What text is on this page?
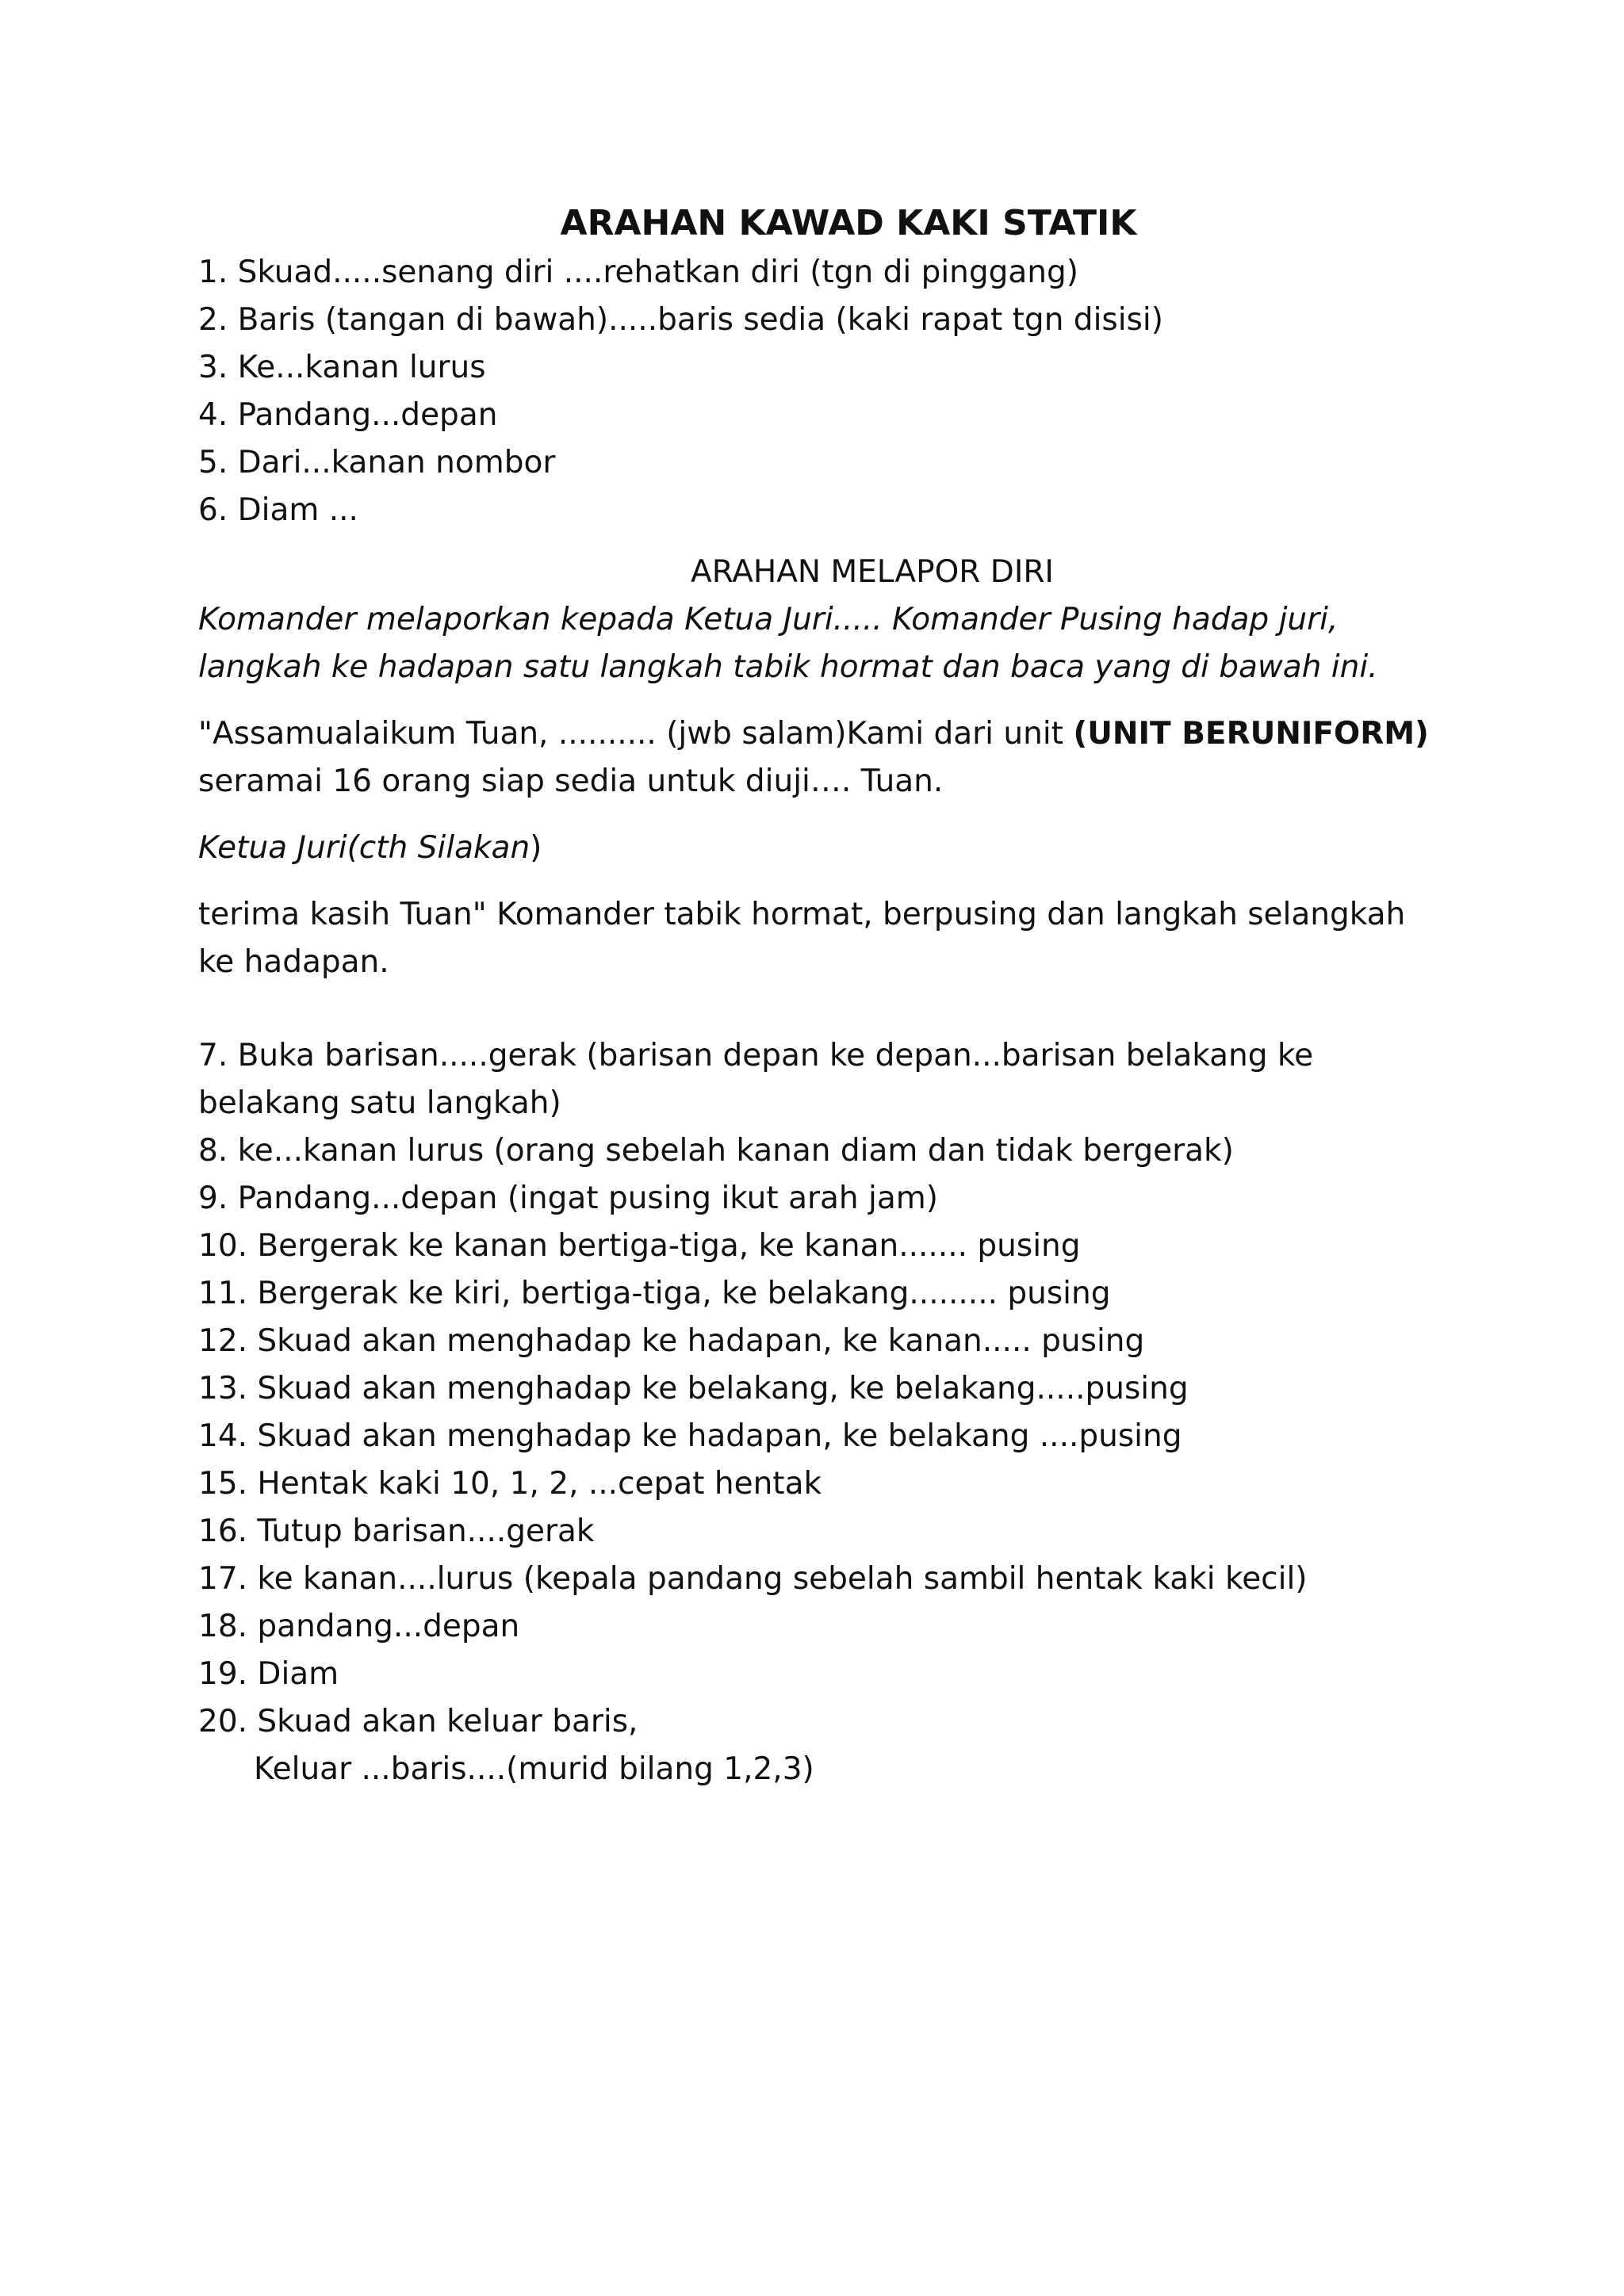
ARAHAN KAWAD KAKI STATIK
1. Skuad.....senang diri ....rehatkan diri (tgn di pinggang)
2. Baris (tangan di bawah).....baris sedia (kaki rapat tgn disisi)
3. Ke...kanan lurus
4. Pandang...depan
5. Dari...kanan nombor
6. Diam ...
ARAHAN MELAPOR DIRI
Komander melaporkan kepada Ketua Juri..... Komander Pusing hadap juri, langkah ke hadapan satu langkah tabik hormat dan baca yang di bawah ini.
"Assamualaikum Tuan, .......... (jwb salam)Kami dari unit (UNIT BERUNIFORM) seramai 16 orang siap sedia untuk diuji…. Tuan.
Ketua Juri(cth Silakan)
terima kasih Tuan" Komander tabik hormat, berpusing dan langkah selangkah ke hadapan.
7. Buka barisan.....gerak (barisan depan ke depan...barisan belakang ke belakang satu langkah)
8. ke...kanan lurus (orang sebelah kanan diam dan tidak bergerak)
9. Pandang...depan (ingat pusing ikut arah jam)
10. Bergerak ke kanan bertiga-tiga, ke kanan....... pusing
11. Bergerak ke kiri, bertiga-tiga, ke belakang......... pusing
12. Skuad akan menghadap ke hadapan, ke kanan..... pusing
13. Skuad akan menghadap ke belakang, ke belakang.....pusing
14. Skuad akan menghadap ke hadapan, ke belakang ....pusing
15. Hentak kaki 10, 1, 2, ...cepat hentak
16. Tutup barisan....gerak
17. ke kanan....lurus (kepala pandang sebelah sambil hentak kaki kecil)
18. pandang...depan
19. Diam
20. Skuad akan keluar baris,
Keluar ...baris....(murid bilang 1,2,3)
